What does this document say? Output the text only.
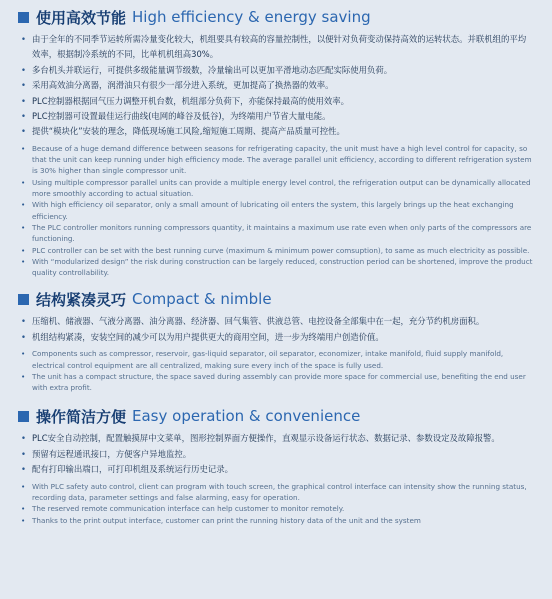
使用高效节能 High efficiency & energy saving
• 由于全年的不同季节运转所需冷量变化较大，机组要具有较高的容量控制性，以便针对负荷变动保持高效的运转状态。并联机组的平均效率，根据制冷系统的不同，比单机机组高30%。
• 多台机头并联运行，可提供多级能量调节级数，冷量输出可以更加平滑地动态匹配实际使用负荷。
• 采用高效油分离器，润滑油只有很少一部分进入系统，更加提高了换热器的效率。
• PLC控制器根据回气压力调整开机台数，机组部分负荷下，亦能保持最高的使用效率。
• PLC控制器可设置最佳运行曲线(电网的峰谷及低谷)，为终端用户节省大量电能。
• 提供“模块化”安装的理念，降低现场施工风险,缩短施工周期、提高产品质量可控性。
• Because of a huge demand difference between seasons for refrigerating capacity, the unit must have a high level control for capacity, so that the unit can keep running under high efficiency mode. The average parallel unit efficiency, according to different refrigeration system is 30% higher than single compressor unit.
• Using multiple compressor parallel units can provide a multiple energy level control, the refrigeration output can be dynamically allocated more smoothly according to actual situation.
• With high efficiency oil separator, only a small amount of lubricating oil enters the system, this largely brings up the heat exchanging efficiency.
• The PLC controller monitors running compressors quantity, it maintains a maximum use rate even when only parts of the compressors are functioning.
• PLC controller can be set with the best running curve (maximum & minimum power comsuption), to same as much electricity as possible.
• With “modularized design” the risk during construction can be largely reduced, construction period can be shortened, improve the product quality controllability.
结构紧凑灵巧 Compact & nimble
• 压缩机、储液器、气液分离器、油分离器、经济器、回气集管、供液总管、电控设备全部集中在一起，充分节约机房面积。
• 机组结构紧凑，安装空间的减少可以为用户提供更大的商用空间，进一步为终端用户创造价值。
• Components such as compressor, reservoir, gas-liquid separator, oil separator, economizer, intake manifold, fluid supply manifold, electrical control equipment are all centralized, making sure every inch of the space is fully used.
• The unit has a compact structure, the space saved during assembly can provide more space for commercial use, benefiting the end user with extra profit.
操作简洁方便 Easy operation & convenience
• PLC安全自动控制，配置触摸屏中文菜单，图形控制界面方便操作，直观显示设备运行状态、数据记录、参数设定及故障报警。
• 预留有远程通讯接口，方便客户异地监控。
• 配有打印输出端口，可打印机组及系统运行历史记录。
• With PLC safety auto control, client can program with touch screen, the graphical control interface can intensity show the running status, recording data, parameter settings and false alarming, easy for operation.
• The reserved remote communication interface can help customer to monitor remotely.
• Thanks to the print output interface, customer can print the running history data of the unit and the system
